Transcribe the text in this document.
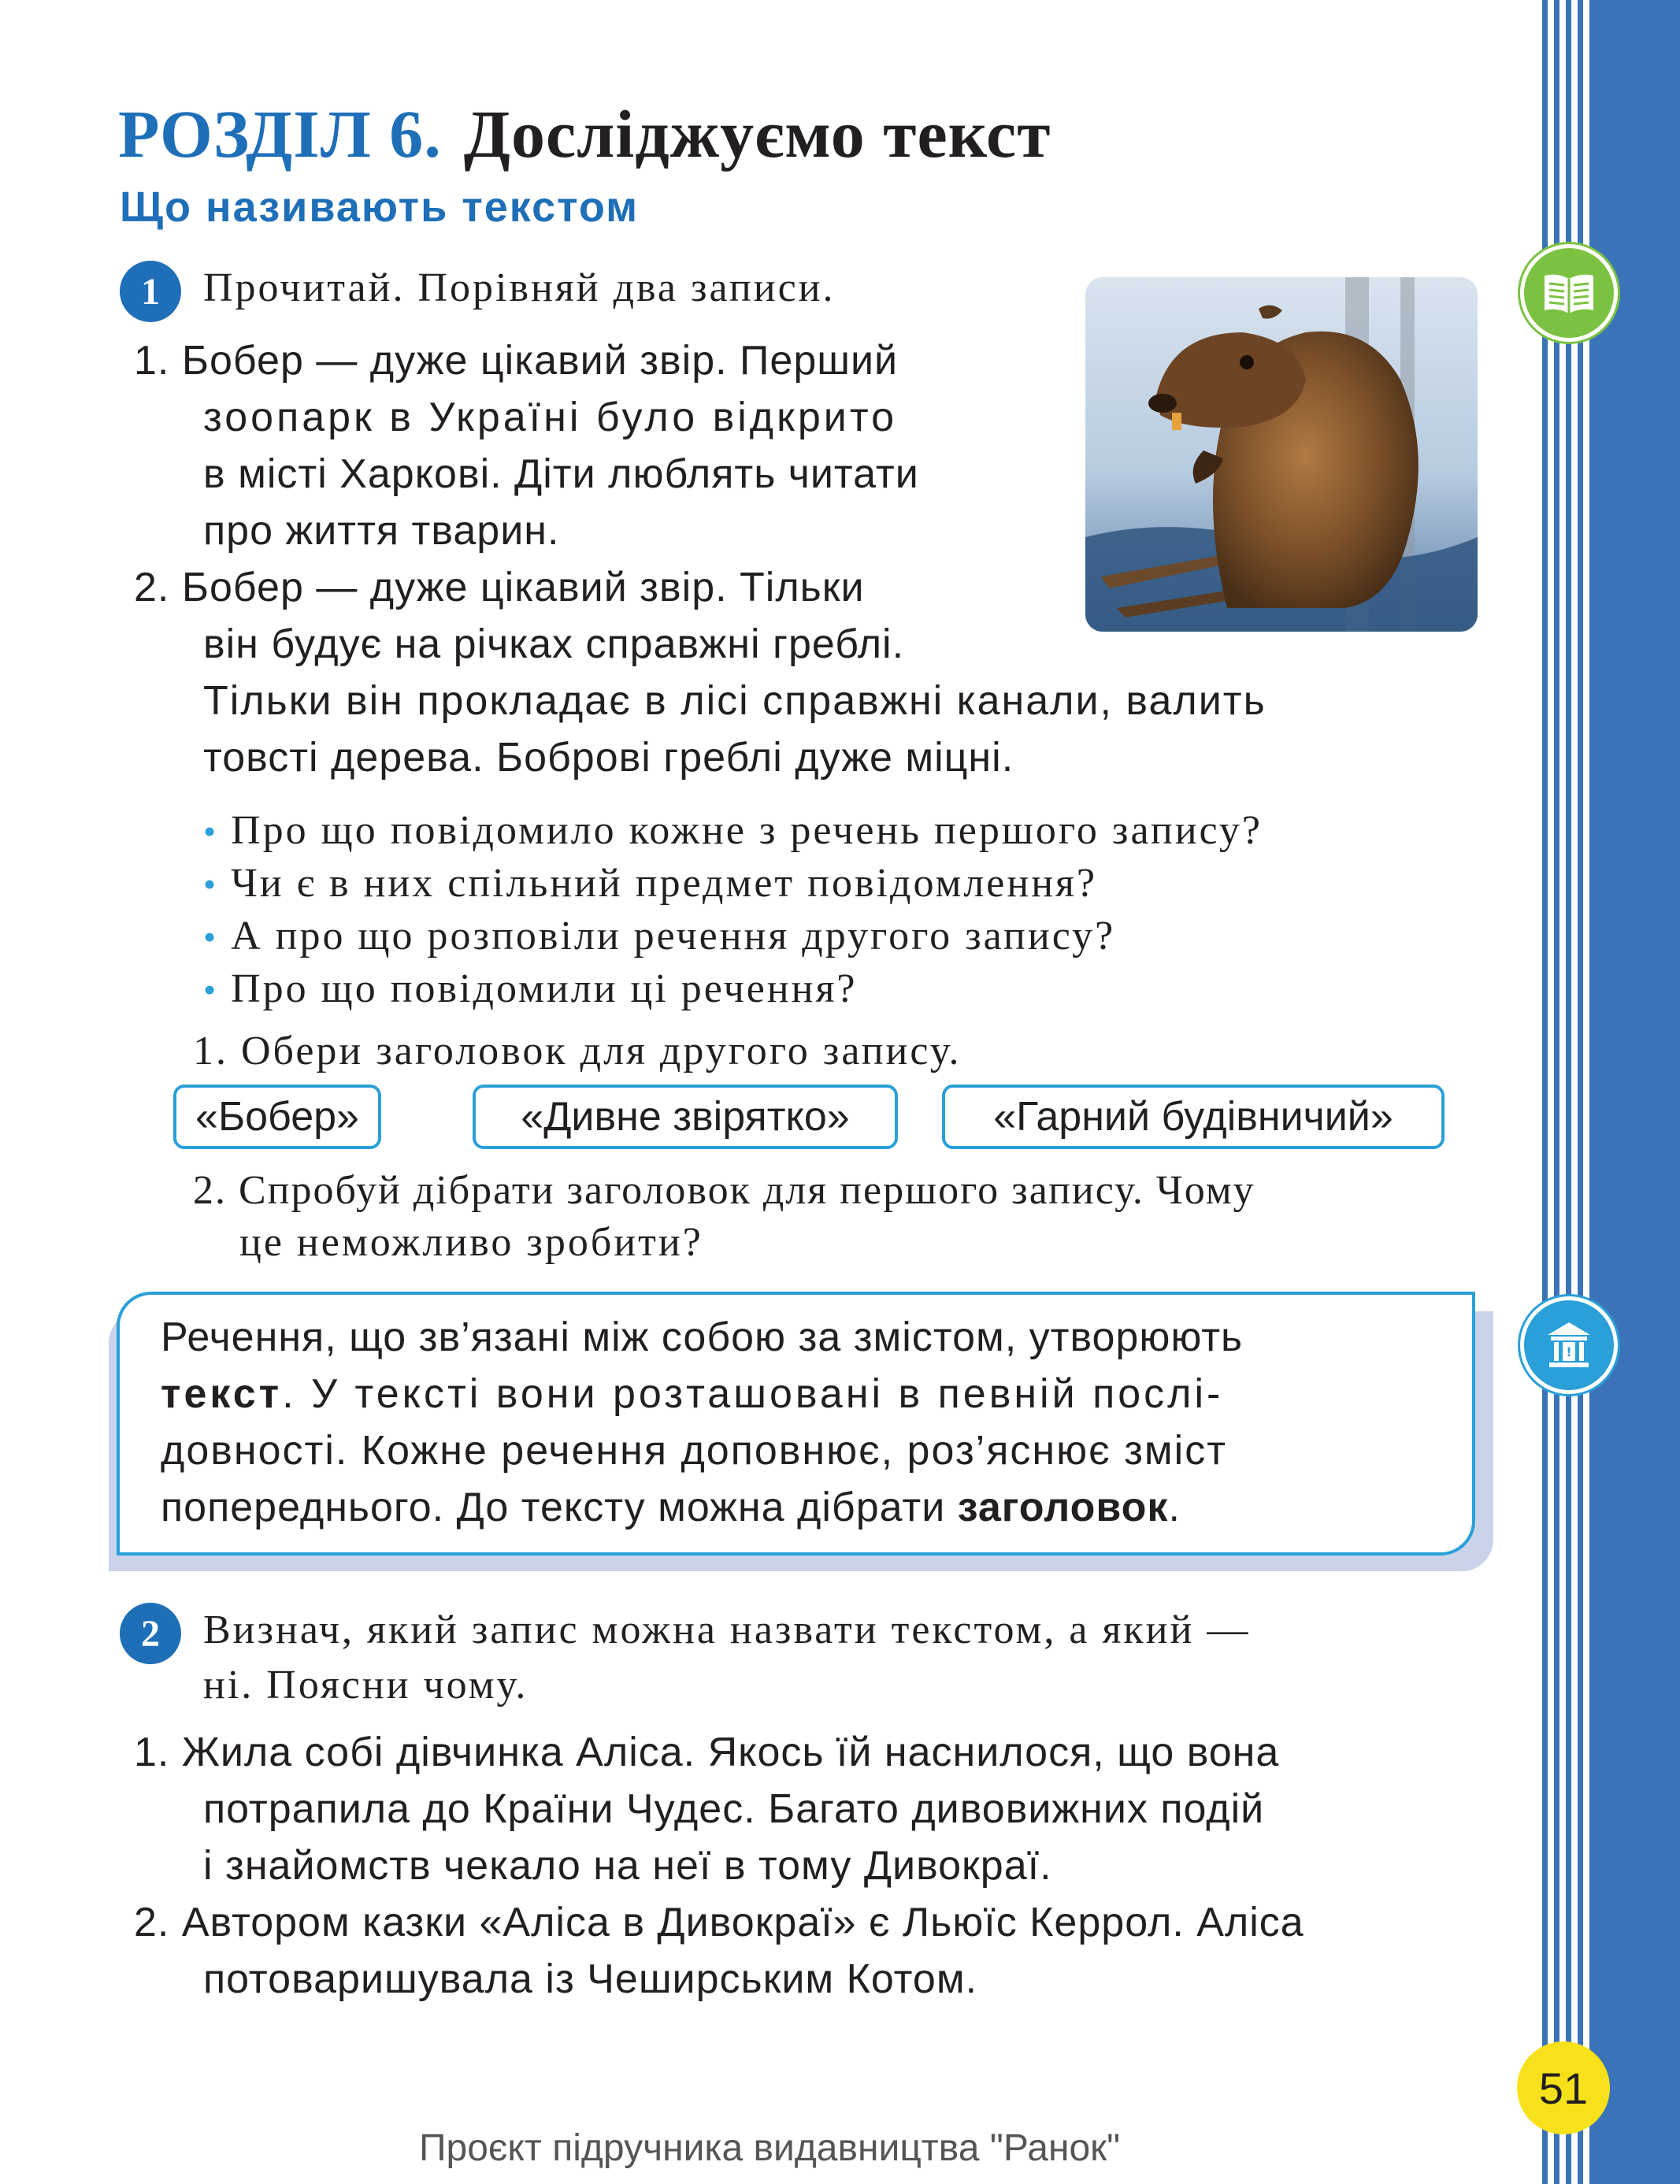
РОЗДІЛ 6. Досліджуємо текст
Що називають текстом
1	Прочитай. Порівняй два записи.
1. Бобер — дуже цікавий звір. Перший
зоопарк в Україні було відкрито
в місті Харкові. Діти люблять читати
про життя тварин.
2. Бобер — дуже цікавий звір. Тільки
він будує на річках справжні греблі.
Тільки він прокладає в лісі справжні канали, валить
товсті дерева. Боброві греблі дуже міцні.
• Про що повідомило кожне з речень першого запису?
• Чи є в них спільний предмет повідомлення?
• А про що розповіли речення другого запису?
• Про що повідомили ці речення?
1. Обери заголовок для другого запису.
«Бобер»	«Дивне звірятко»	«Гарний будівничий»
2. Спробуй дібрати заголовок для першого запису. Чому
це неможливо зробити?
Речення, що зв’язані між собою за змістом, утворюють
текст. У тексті вони розташовані в певній послі-
довності. Кожне речення доповнює, роз’яснює зміст
попереднього. До тексту можна дібрати заголовок.
2	Визнач, який запис можна назвати текстом, а який —
ні. Поясни чому.
1. Жила собі дівчинка Аліса. Якось їй наснилося, що вона
потрапила до Країни Чудес. Багато дивовижних подій
і знайомств чекало на неї в тому Дивокраї.
2. Автором казки «Аліса в Дивокраї» є Льюїс Керрол. Аліса
потоваришувала із Чеширським Котом.
!
51
Проєкт підручника видавництва "Ранок"
